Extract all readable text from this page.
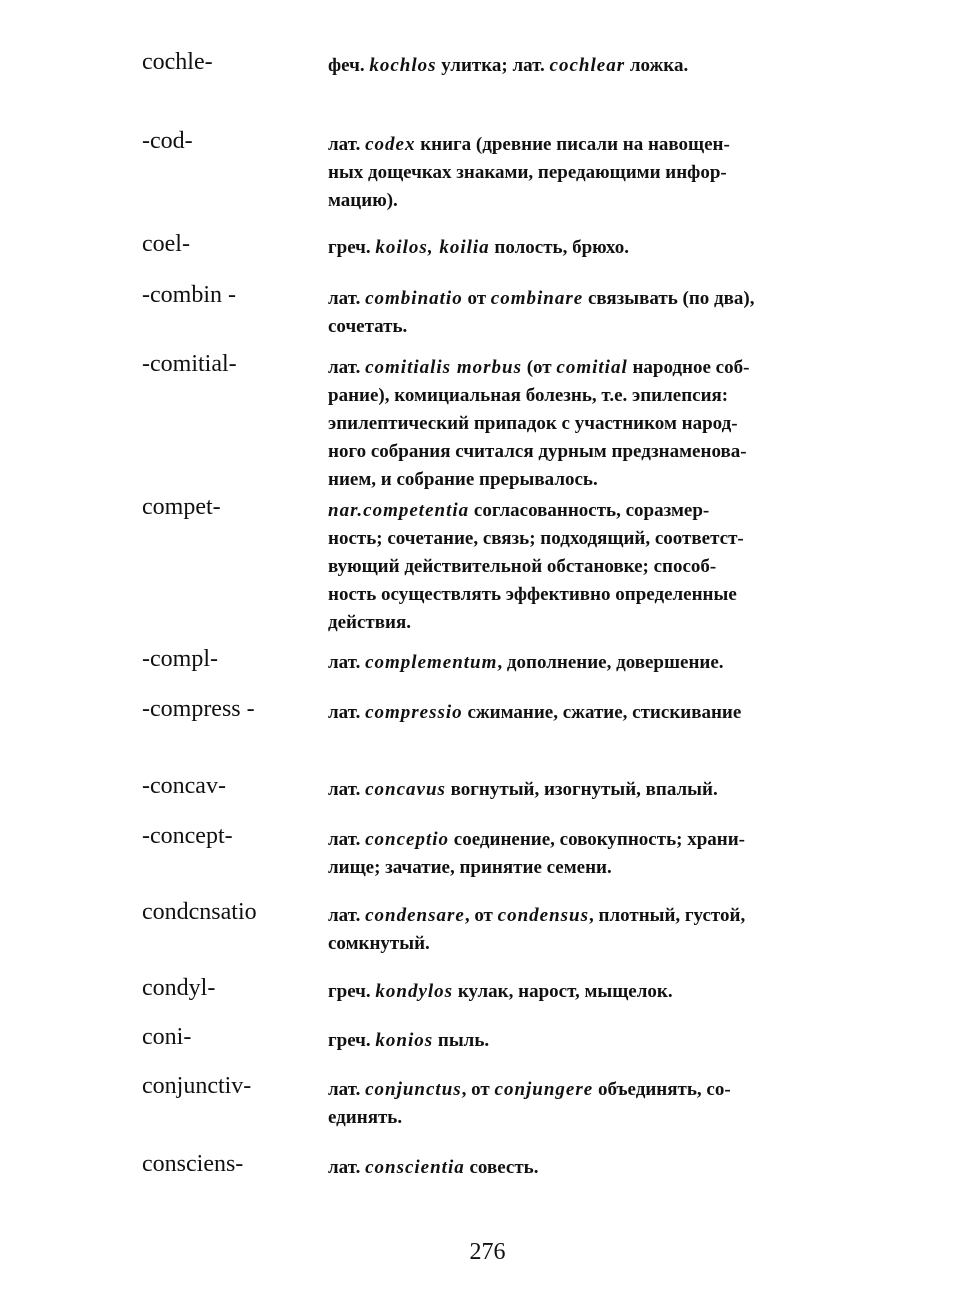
cochle-	феч. kochlos улитка; лат. cochlear ложка.
-cod-	лат. codex книга (древние писали на навощен-
ных дощечках знаками, передающими инфор-
мацию).
coel-	греч. koilos, koilia полость, брюхо.
-combin -	лат. combinatio от combinare связывать (по два),
сочетать.
-comitial-	лат. comitialis morbus (от comitial народное соб-
рание), комициальная болезнь, т.е. эпилепсия:
эпилептический припадок с участником народ-
ного собрания считался дурным предзнаменова-
нием, и собрание прерывалось.
compet-	nar.competentia согласованность, соразмер-
ность; сочетание, связь; подходящий, соответст-
вующий действительной обстановке; способ-
ность осуществлять эффективно определенные
действия.
-compl-	лат. complementum, дополнение, довершение.
-compress -	лат. compressio сжимание, сжатие, стискивание
-concav-	лат. concavus вогнутый, изогнутый, впалый.
-concept-	лат. conceptio соединение, совокупность; храни-
лище; зачатие, принятие семени.
condcnsatio	лат. condensare, от condensus, плотный, густой,
сомкнутый.
condyl-	греч. kondylos кулак, нарост, мыщелок.
coni-	греч. konios пыль.
conjunctiv-	лат. conjunctus, от conjungere объединять, со-
единять.
consciens-	лат. conscientia совесть.
276
